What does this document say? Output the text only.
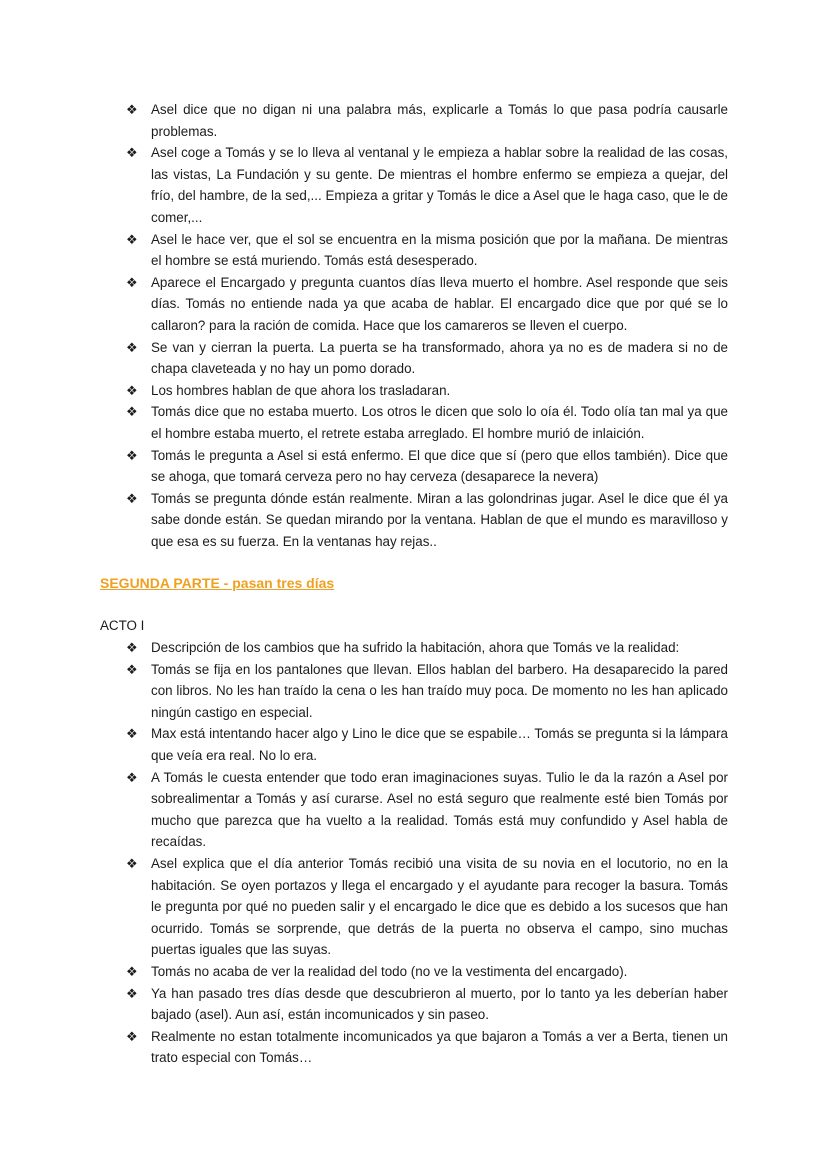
❖ Asel dice que no digan ni una palabra más, explicarle a Tomás lo que pasa podría causarle problemas.
❖ Asel coge a Tomás y se lo lleva al ventanal y le empieza a hablar sobre la realidad de las cosas, las vistas, La Fundación y su gente. De mientras el hombre enfermo se empieza a quejar, del frío, del hambre, de la sed,... Empieza a gritar y Tomás le dice a Asel que le haga caso, que le de comer,...
❖ Asel le hace ver, que el sol se encuentra en la misma posición que por la mañana. De mientras el hombre se está muriendo. Tomás está desesperado.
❖ Aparece el Encargado y pregunta cuantos días lleva muerto el hombre. Asel responde que seis días. Tomás no entiende nada ya que acaba de hablar. El encargado dice que por qué se lo callaron? para la ración de comida. Hace que los camareros se lleven el cuerpo.
❖ Se van y cierran la puerta. La puerta se ha transformado, ahora ya no es de madera si no de chapa claveteada y no hay un pomo dorado.
❖ Los hombres hablan de que ahora los trasladaran.
❖ Tomás dice que no estaba muerto. Los otros le dicen que solo lo oía él. Todo olía tan mal ya que el hombre estaba muerto, el retrete estaba arreglado. El hombre murió de inlaición.
❖ Tomás le pregunta a Asel si está enfermo. El que dice que sí (pero que ellos también). Dice que se ahoga, que tomará cerveza pero no hay cerveza (desaparece la nevera)
❖ Tomás se pregunta dónde están realmente. Miran a las golondrinas jugar. Asel le dice que él ya sabe donde están. Se quedan mirando por la ventana. Hablan de que el mundo es maravilloso y que esa es su fuerza. En la ventanas hay rejas..
SEGUNDA PARTE - pasan tres días

ACTO I

❖ Descripción de los cambios que ha sufrido la habitación, ahora que Tomás ve la realidad:
❖ Tomás se fija en los pantalones que llevan. Ellos hablan del barbero. Ha desaparecido la pared con libros. No les han traído la cena o les han traído muy poca. De momento no les han aplicado ningún castigo en especial.
❖ Max está intentando hacer algo y Lino le dice que se espabile… Tomás se pregunta si la lámpara que veía era real. No lo era.
❖ A Tomás le cuesta entender que todo eran imaginaciones suyas. Tulio le da la razón a Asel por sobrealimentar a Tomás y así curarse. Asel no está seguro que realmente esté bien Tomás por mucho que parezca que ha vuelto a la realidad. Tomás está muy confundido y Asel habla de recaídas.
❖ Asel explica que el día anterior Tomás recibió una visita de su novia en el locutorio, no en la habitación. Se oyen portazos y llega el encargado y el ayudante para recoger la basura. Tomás le pregunta por qué no pueden salir y el encargado le dice que es debido a los sucesos que han ocurrido. Tomás se sorprende, que detrás de la puerta no observa el campo, sino muchas puertas iguales que las suyas.
❖ Tomás no acaba de ver la realidad del todo (no ve la vestimenta del encargado).
❖ Ya han pasado tres días desde que descubrieron al muerto, por lo tanto ya les deberían haber bajado (asel). Aun así, están incomunicados y sin paseo.
❖ Realmente no estan totalmente incomunicados ya que bajaron a Tomás a ver a Berta, tienen un trato especial con Tomás…
